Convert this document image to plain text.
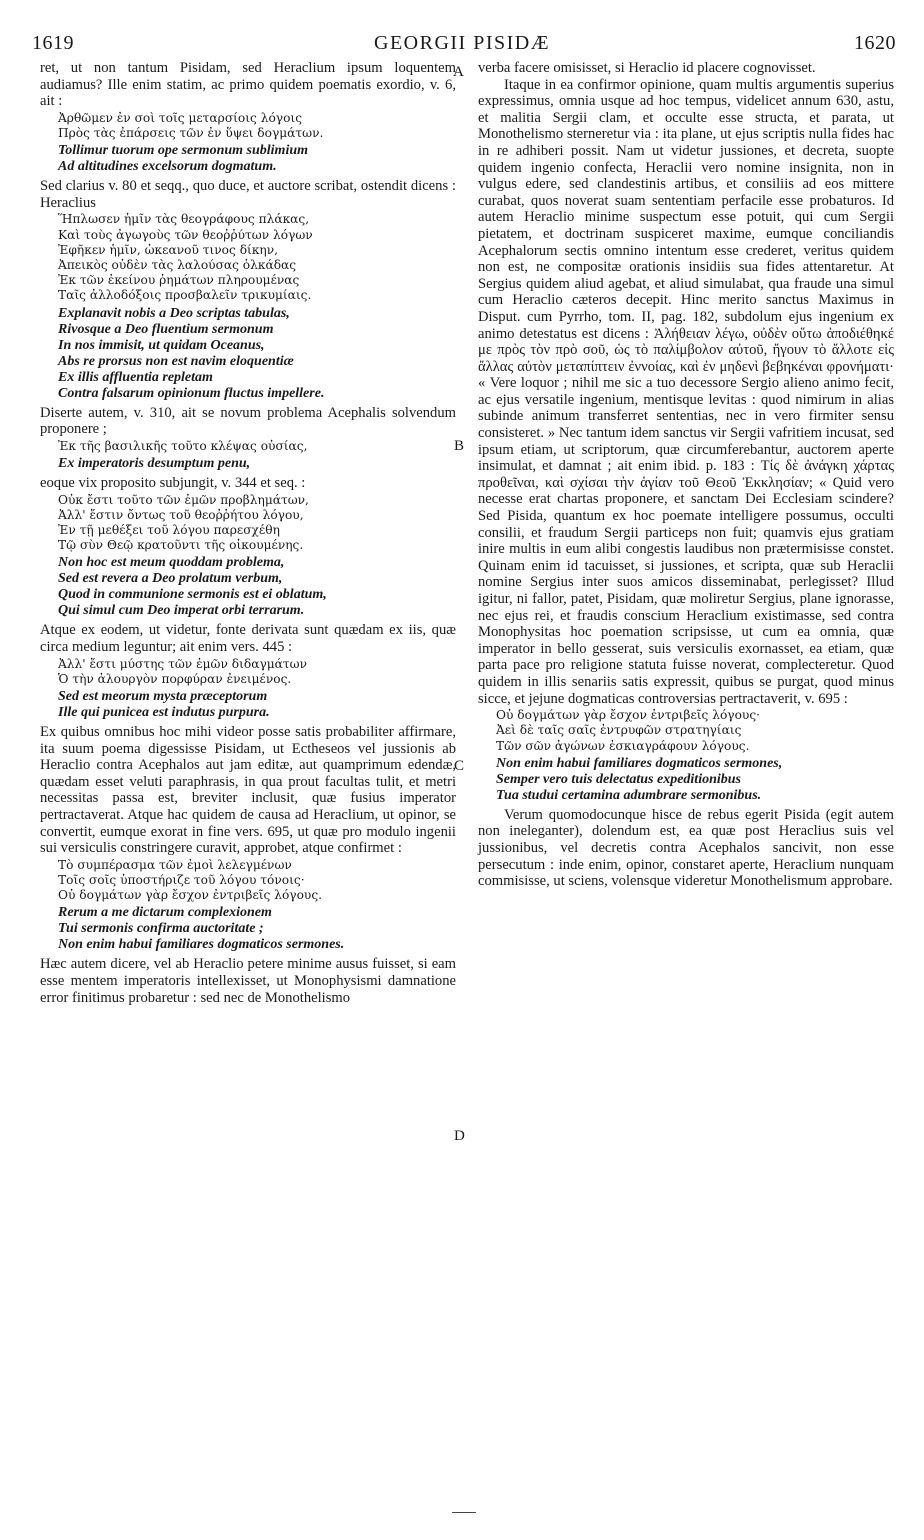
1619	GEORGII PISIDÆ	1620
A
B
C
D

ret, ut non tantum Pisidam, sed Heraclium ipsum loquentem audiamus? Ille enim statim, ac primo quidem poematis exordio, v. 6, ait :

Ἀρθῶμεν ἐν σοὶ τοῖς μεταρσίοις λόγοις
Πρὸς τὰς ἐπάρσεις τῶν ἐν ὕψει δογμάτων.
Tollimur tuorum ope sermonum sublimium
Ad altitudines excelsorum dogmatum.

Sed clarius v. 80 et seqq., quo duce, et auctore scribat, ostendit dicens : Heraclius

Ἥπλωσεν ἡμῖν τὰς θεογράφους πλάκας,
Καὶ τοὺς ἀγωγοὺς τῶν θεοῤῥύτων λόγων
Ἐφῆκεν ἡμῖν, ὠκεανοῦ τινος δίκην,
Ἀπεικὸς οὐδὲν τὰς λαλούσας ὁλκάδας
Ἐκ τῶν ἐκείνου ῥημάτων πληρουμένας
Ταῖς ἀλλοδόξοις προσβαλεῖν τρικυμίαις.
Explanavit nobis a Deo scriptas tabulas,
Rivosque a Deo fluentium sermonum
In nos immisit, ut quidam Oceanus,
Abs re prorsus non est navim eloquentiæ
Ex illis affluentia repletam
Contra falsarum opinionum fluctus impellere.

Diserte autem, v. 310, ait se novum problema Acephalis solvendum proponere ;

Ἐκ τῆς βασιλικῆς τοῦτο κλέψας οὐσίας,
Ex imperatoris desumptum penu,

eoque vix proposito subjungit, v. 344 et seq. :

Οὐκ ἔστι τοῦτο τῶν ἐμῶν προβλημάτων,
Ἀλλ' ἔστιν ὄντως τοῦ θεοῤῥήτου λόγου,
Ἐν τῇ μεθέξει τοῦ λόγου παρεσχέθη
Τῷ σὺν Θεῷ κρατοῦντι τῆς οἰκουμένης.
Non hoc est meum quoddam problema,
Sed est revera a Deo prolatum verbum,
Quod in communione sermonis est ei oblatum,
Qui simul cum Deo imperat orbi terrarum.

Atque ex eodem, ut videtur, fonte derivata sunt quædam ex iis, quæ circa medium leguntur; ait enim vers. 445 :

Ἀλλ' ἔστι μύστης τῶν ἐμῶν διδαγμάτων
Ὁ τὴν ἀλουργὸν πορφύραν ἐνειμένος.
Sed est meorum mysta præceptorum
Ille qui puniceа est indutus purpura.

Ex quibus omnibus hoc mihi videor posse satis probabiliter affirmare, ita suum poema digessisse Pisidam, ut Ectheseos vel jussionis ab Heraclio contra Acephalos aut jam editæ, aut quamprimum edendæ, quædam esset veluti paraphrasis, in qua prout facultas tulit, et metri necessitas passa est, breviter inclusit, quæ fusius imperator pertractaverat. Atque hac quidem de causa ad Heraclium, ut opinor, se convertit, eumque exorat in fine vers. 695, ut quæ pro modulo ingenii sui versiculis constringere curavit, approbet, atque confirmet :

Τὸ συμπέρασμα τῶν ἐμοὶ λελεγμένων
Τοῖς σοῖς ὑποστήριζε τοῦ λόγου τόνοις·
Οὐ δογμάτων γὰρ ἔσχον ἐντριβεῖς λόγους.
Rerum a me dictarum complexionem
Tui sermonis confirma auctoritate ;
Non enim habui familiares dogmaticos sermones.

Hæc autem dicere, vel ab Heraclio petere minime ausus fuisset, si eam esse mentem imperatoris intellexisset, ut Monophysismi damnatione error finitimus probaretur : sed nec de Monothelismo

verba facere omisisset, si Heraclio id placere cognovisset.

Itaque in ea confirmor opinione, quam multis argumentis superius expressimus, omnia usque ad hoc tempus, videlicet annum 630, astu, et malitia Sergii clam, et occulte esse structa, et parata, ut Monothelismo sterneretur via : ita plane, ut ejus scriptis nulla fides hac in re adhiberi possit. Nam ut videtur jussiones, et decreta, suopte quidem ingenio confecta, Heraclii vero nomine insignita, non in vulgus edere, sed clandestinis artibus, et consiliis ad eos mittere curabat, quos noverat suam sententiam perfacile esse probaturos. Id autem Heraclio minime suspectum esse potuit, qui cum Sergii pietatem, et doctrinam suspiceret maxime, eumque conciliandis Acephalorum sectis omnino intentum esse crederet, veritus quidem non est, ne compositæ orationis insidiis sua fides attentaretur. At Sergius quidem aliud agebat, et aliud simulabat, qua fraude una simul cum Heraclio cæteros decepit. Hinc merito sanctus Maximus in Disput. cum Pyrrho, tom. II, pag. 182, subdolum ejus ingenium ex animo detestatus est dicens : Ἀλήθειαν λέγω, οὐδὲν οὕτω ἀποδιέθηκέ με πρὸς τὸν πρὸ σοῦ, ὡς τὸ παλίμβολον αὐτοῦ, ἤγουν τὸ ἄλλοτε εἰς ἄλλας αὐτὸν μεταπίπτειν ἐννοίας, καὶ ἐν μηδενὶ βεβηκέναι φρονήματι· « Vere loquor ; nihil me sic a tuo decessore Sergio alieno animo fecit, ac ejus versatile ingenium, mentisque levitas : quod nimirum in alias subinde animum transferret sententias, nec in vero firmiter sensu consisteret. » Nec tantum idem sanctus vir Sergii vafritiem incusat, sed ipsum etiam, ut scriptorum, quæ circumferebantur, auctorem aperte insimulat, et damnat ; ait enim ibid. p. 183 : Τίς δὲ ἀνάγκη χάρτας προθεῖναι, καὶ σχίσαι τὴν ἁγίαν τοῦ Θεοῦ Ἐκκλησίαν; « Quid vero necesse erat chartas proponere, et sanctam Dei Ecclesiam scindere? Sed Pisida, quantum ex hoc poemate intelligere possumus, occulti consilii, et fraudum Sergii particeps non fuit; quamvis ejus gratiam inire multis in eum alibi congestis laudibus non prætermisisse constet. Quinam enim id tacuisset, si jussiones, et scripta, quæ sub Heraclii nomine Sergius inter suos amicos disseminabat, perlegisset? Illud igitur, ni fallor, patet, Pisidam, quæ moliretur Sergius, plane ignorasse, nec ejus rei, et fraudis conscium Heraclium existimasse, sed contra Monophysitas hoc poemation scripsisse, ut cum ea omnia, quæ imperator in bello gesserat, suis versiculis exornasset, ea etiam, quæ parta pace pro religione statuta fuisse noverat, complecteretur. Quod quidem in illis senariis satis expressit, quibus se purgat, quod minus sicce, et jejune dogmaticas controversias pertractaverit, v. 695 :

Οὐ δογμάτων γὰρ ἔσχον ἐντριβεῖς λόγους·
Ἀεὶ δὲ ταῖς σαῖς ἐντρυφῶν στρατηγίαις
Τῶν σῶν ἀγώνων ἐσκιαγράφουν λόγους.
Non enim habui familiares dogmaticos sermones,
Semper vero tuis delectatus expeditionibus
Tua studui certamina adumbrare sermonibus.

Verum quomodocunque hisce de rebus egerit Pisida (egit autem non ineleganter), dolendum est, ea quæ post Heraclius suis vel jussionibus, vel decretis contra Acephalos sancivit, non esse persecutum : inde enim, opinor, constaret aperte, Heraclium nunquam commisisse, ut sciens, volensque videretur Monothelismum approbare.
